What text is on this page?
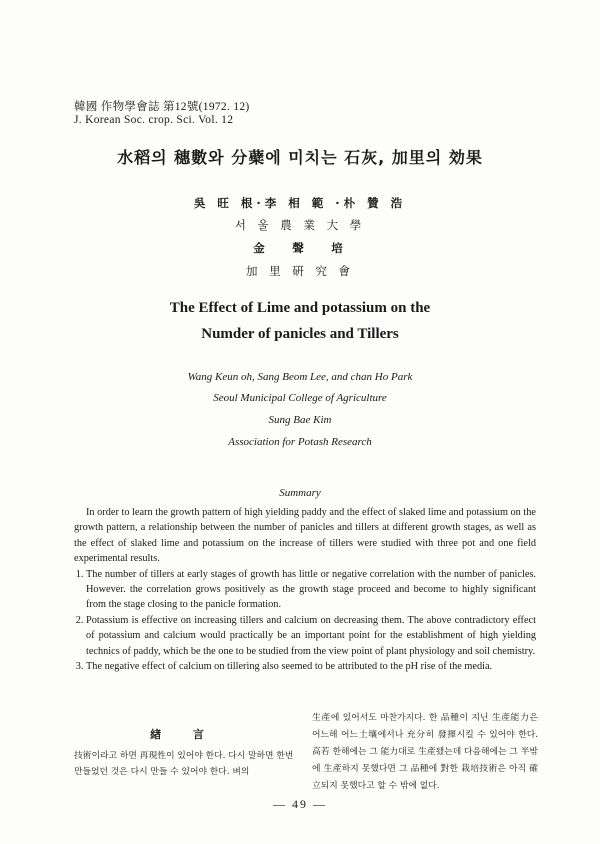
韓國 作物學會誌 第12號(1972. 12)
J. Korean Soc. crop. Sci. Vol. 12
水稻의 穗數와 分蘗에 미치는 石灰, 加里의 効果
吳 旺 根·李 相 範 ·朴 贊 浩
서 울 農 業 大 學
金　 聲　 培
加 里 硏 究 會
The Effect of Lime and potassium on the
Numder of panicles and Tillers
Wang Keun oh, Sang Beom Lee, and chan Ho Park
Seoul Municipal College of Agriculture
Sung Bae Kim
Association for Potash Research
Summary

In order to learn the growth pattern of high yielding paddy and the effect of slaked lime and potassium on the growth pattern, a relationship between the number of panicles and tillers at different growth stages, as well as the effect of slaked lime and potassium on the increase of tillers were studied with three pot and one field experimental results.

1. The number of tillers at early stages of growth has little or negative correlation with the number of panicles. However. the correlation grows positively as the growth stage proceed and become to highly significant from the stage closing to the panicle formation.
2. Potassium is effective on increasing tillers and calcium on decreasing them. The above contradictory effect of potassium and calcium would practically be an important point for the establishment of high yielding technics of paddy, which be the one to be studied from the view point of plant physiology and soil chemistry.
3. The negative effect of calcium on tillering also seemed to be attributed to the pH rise of the media.
緖 言

技術이라고 하면 再現性이 있어야 한다. 다시 말하면 한번 만들었던 것은 다시 만들 수 있어야 한다. 벼의

生產에 있어서도 마찬가지다. 한 品種이 지닌 生產能力은 어느해 어느土壤에서나 充分히 發揮시킬 수 있어야 한다. 高若 한해에는 그 能力대로 生產됐는데 다음해에는 그 半밖에 生產하지 못했다면 그 品種에 對한 栽培技術은 아직 確立되지 못했다고 할 수 밖에 없다.

— 49 —
